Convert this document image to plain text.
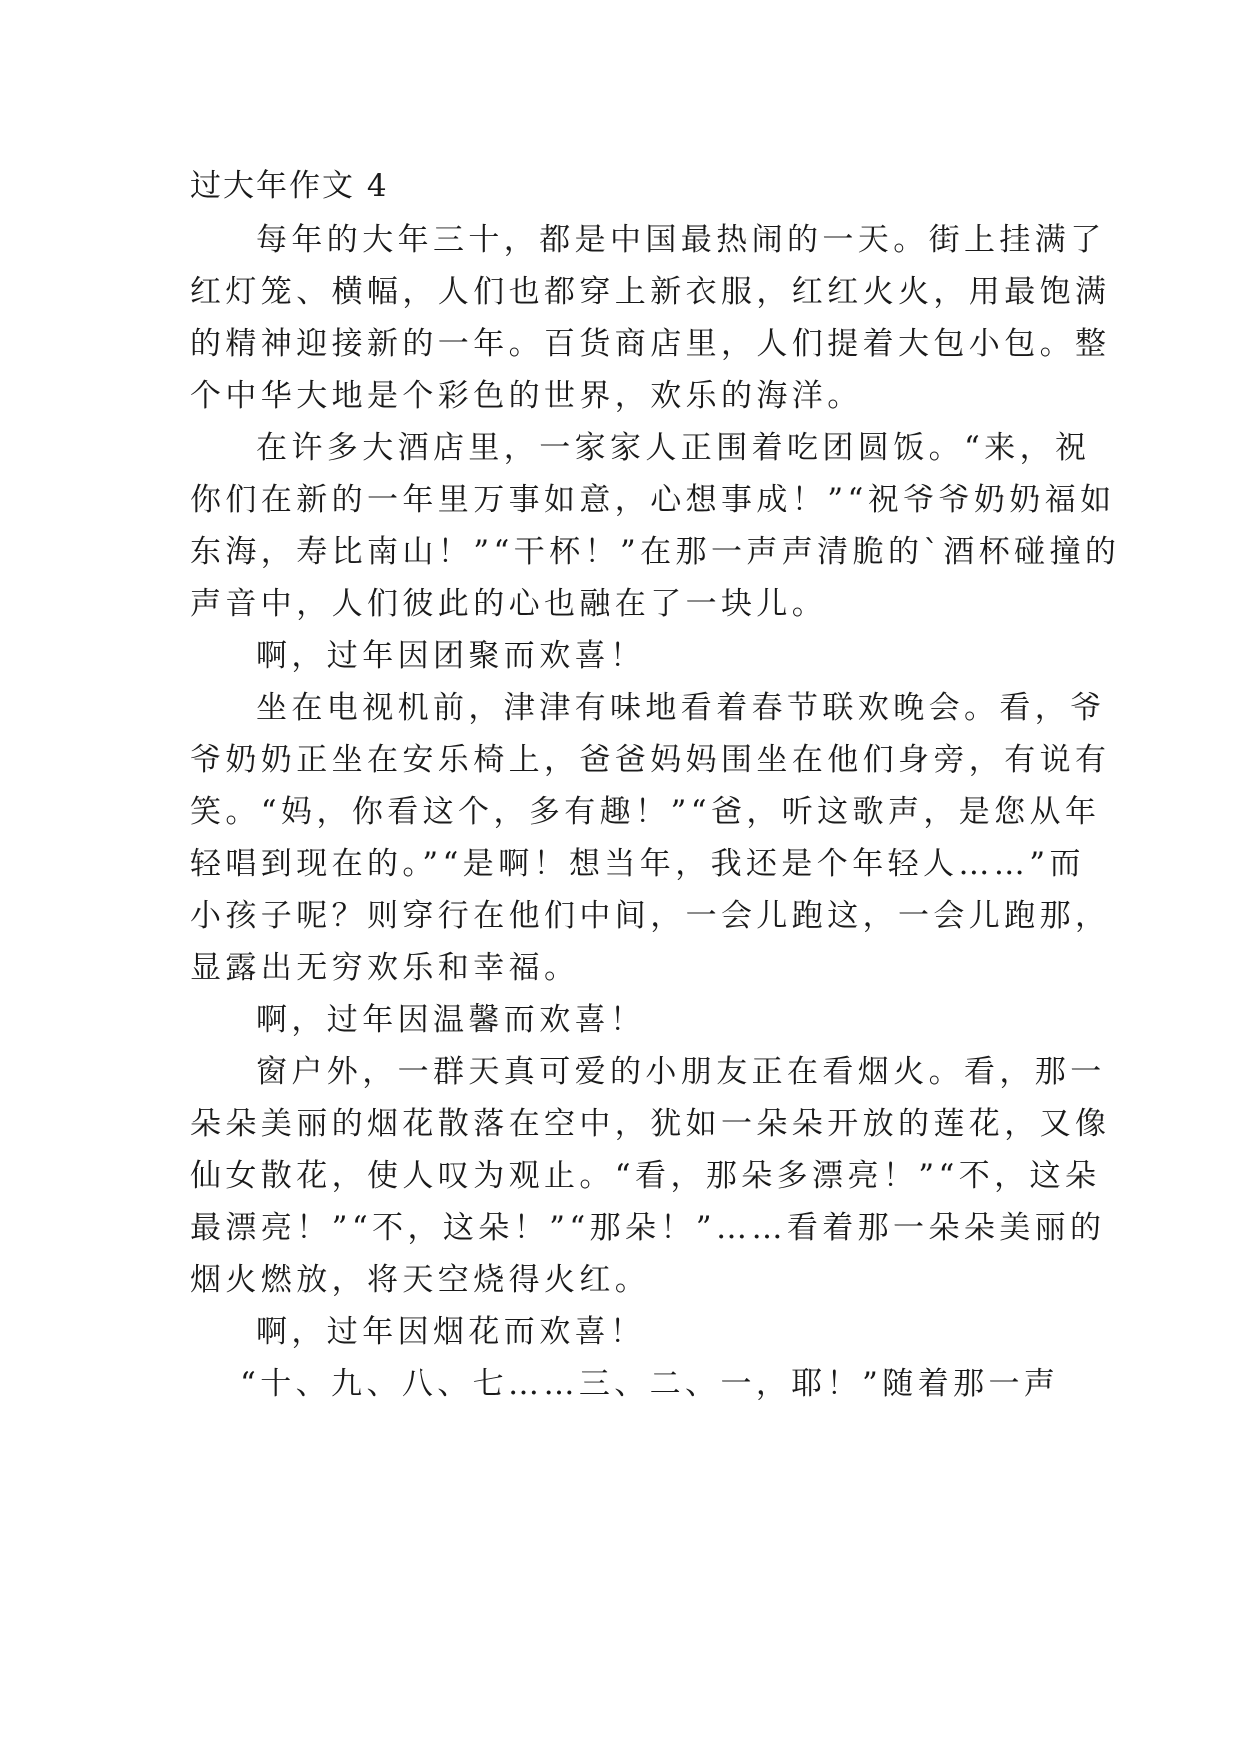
过大年作文 4
每年的大年三十，都是中国最热闹的一天。街上挂满了
红灯笼、横幅，人们也都穿上新衣服，红红火火，用最饱满
的精神迎接新的一年。百货商店里，人们提着大包小包。整
个中华大地是个彩色的世界，欢乐的海洋。
在许多大酒店里，一家家人正围着吃团圆饭。“来，祝
你们在新的一年里万事如意，心想事成！”“祝爷爷奶奶福如
东海，寿比南山！”“干杯！”在那一声声清脆的`酒杯碰撞的
声音中，人们彼此的心也融在了一块儿。
啊，过年因团聚而欢喜！
坐在电视机前，津津有味地看着春节联欢晚会。看，爷
爷奶奶正坐在安乐椅上，爸爸妈妈围坐在他们身旁，有说有
笑。“妈，你看这个，多有趣！”“爸，听这歌声，是您从年
轻唱到现在的。”“是啊！想当年，我还是个年轻人……”而
小孩子呢？则穿行在他们中间，一会儿跑这，一会儿跑那，
显露出无穷欢乐和幸福。
啊，过年因温馨而欢喜！
窗户外，一群天真可爱的小朋友正在看烟火。看，那一
朵朵美丽的烟花散落在空中，犹如一朵朵开放的莲花，又像
仙女散花，使人叹为观止。“看，那朵多漂亮！”“不，这朵
最漂亮！”“不，这朵！”“那朵！”……看着那一朵朵美丽的
烟火燃放，将天空烧得火红。
啊，过年因烟花而欢喜！
“十、九、八、七……三、二、一，耶！”随着那一声
